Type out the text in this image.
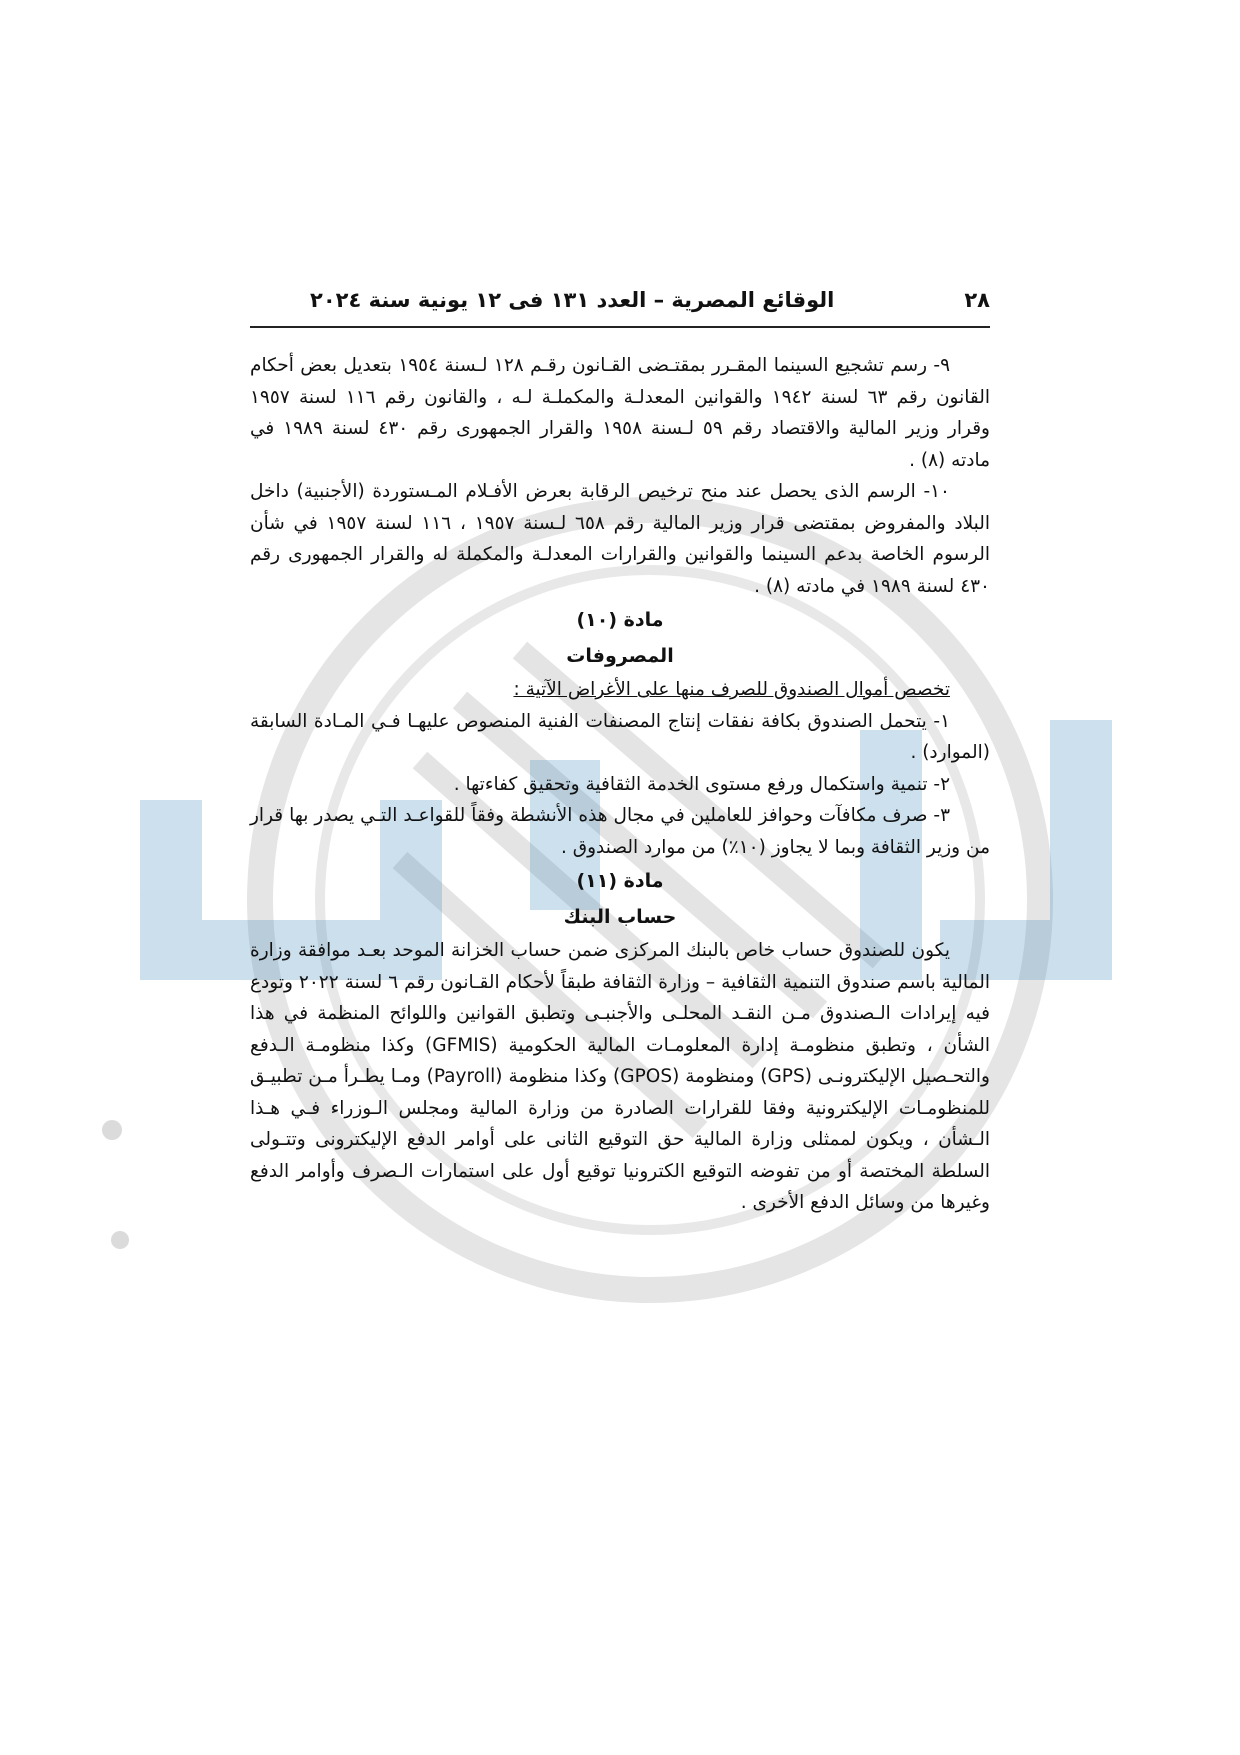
٢٨
الوقائع المصرية – العدد ١٣١ فى ١٢ يونية سنة ٢٠٢٤

٩- رسم تشجيع السينما المقـرر بمقتـضى القـانون رقـم ١٢٨ لـسنة ١٩٥٤ بتعديل بعض أحكام القانون رقم ٦٣ لسنة ١٩٤٢ والقوانين المعدلـة والمكملـة لـه ، والقانون رقم ١١٦ لسنة ١٩٥٧ وقرار وزير المالية والاقتصاد رقم ٥٩ لـسنة ١٩٥٨ والقرار الجمهورى رقم ٤٣٠ لسنة ١٩٨٩ في مادته (٨) .

١٠- الرسم الذى يحصل عند منح ترخيص الرقابة بعرض الأفـلام المـستوردة (الأجنبية) داخل البلاد والمفروض بمقتضى قرار وزير المالية رقم ٦٥٨ لـسنة ١٩٥٧ ، ١١٦ لسنة ١٩٥٧ في شأن الرسوم الخاصة بدعم السينما والقوانين والقرارات المعدلـة والمكملة له والقرار الجمهورى رقم ٤٣٠ لسنة ١٩٨٩ في مادته (٨) .

مادة (١٠)

المصروفات

تخصص أموال الصندوق للصرف منها على الأغراض الآتية :

١- يتحمل الصندوق بكافة نفقات إنتاج المصنفات الفنية المنصوص عليهـا فـي المـادة السابقة (الموارد) .

٢- تنمية واستكمال ورفع مستوى الخدمة الثقافية وتحقيق كفاءتها .

٣- صرف مكافآت وحوافز للعاملين في مجال هذه الأنشطة وفقاً للقواعـد التـي يصدر بها قرار من وزير الثقافة وبما لا يجاوز (١٠٪) من موارد الصندوق .

مادة (١١)

حساب البنك

يكون للصندوق حساب خاص بالبنك المركزى ضمن حساب الخزانة الموحد بعـد موافقة وزارة المالية باسم صندوق التنمية الثقافية – وزارة الثقافة طبقاً لأحكام القـانون رقم ٦ لسنة ٢٠٢٢ وتودع فيه إيرادات الـصندوق مـن النقـد المحلـى والأجنبـى وتطبق القوانين واللوائح المنظمة في هذا الشأن ، وتطبق منظومـة إدارة المعلومـات المالية الحكومية (GFMIS) وكذا منظومـة الـدفع والتحـصيل الإليكترونـى (GPS) ومنظومة (GPOS) وكذا منظومة (Payroll) ومـا يطـرأ مـن تطبيـق للمنظومـات الإليكترونية وفقا للقرارات الصادرة من وزارة المالية ومجلس الـوزراء فـي هـذا الـشأن ، ويكون لممثلى وزارة المالية حق التوقيع الثانى على أوامر الدفع الإليكترونى وتتـولى السلطة المختصة أو من تفوضه التوقيع الكترونيا توقيع أول على استمارات الـصرف وأوامر الدفع وغيرها من وسائل الدفع الأخرى .
